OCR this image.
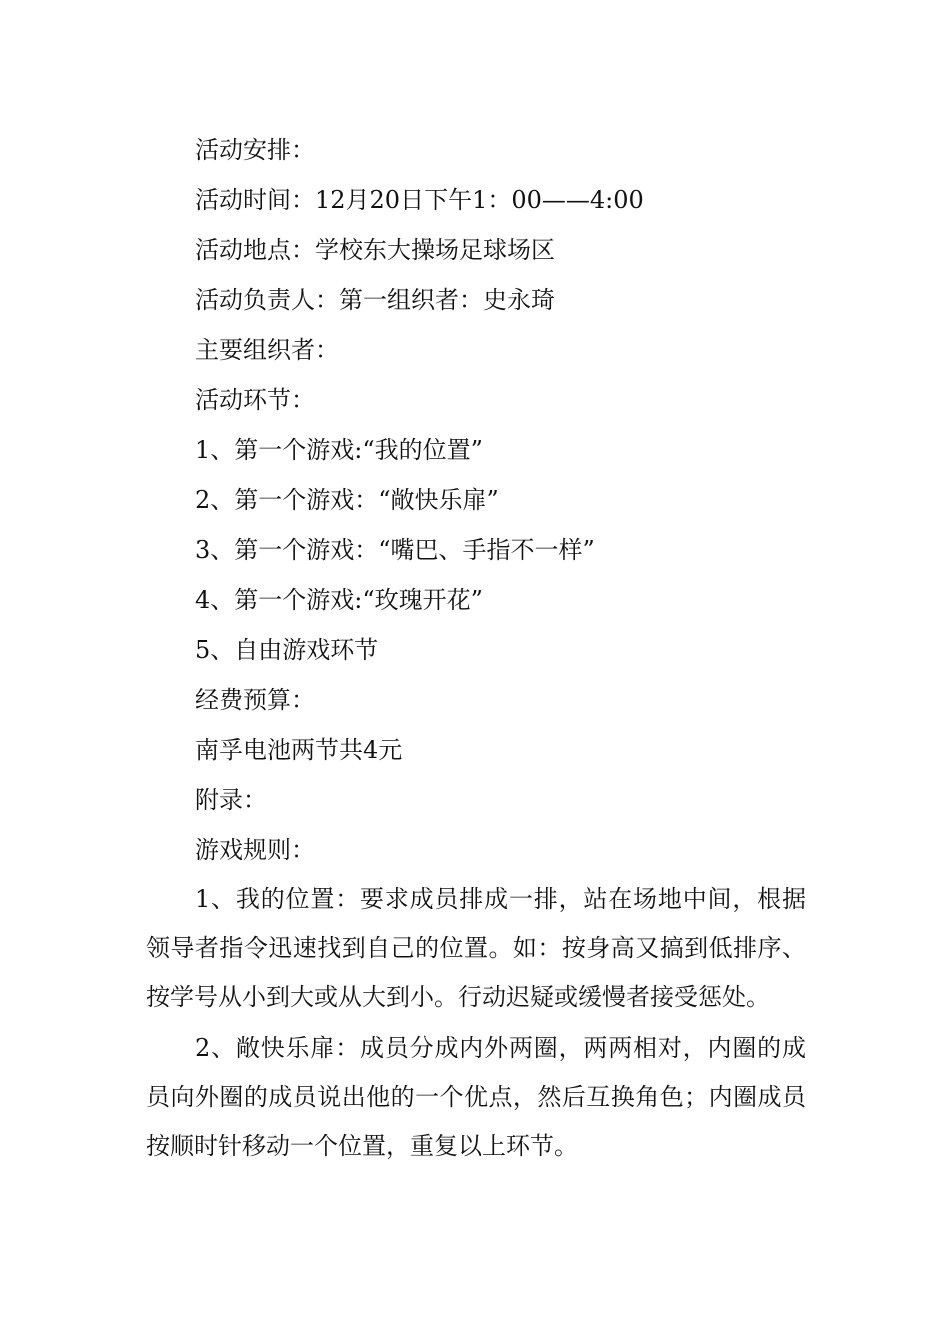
活动安排：
活动时间：12月20日下午1：00——4:00
活动地点：学校东大操场足球场区
活动负责人：第一组织者：史永琦
主要组织者：
活动环节：
1、第一个游戏:“我的位置”
2、第一个游戏：“敞快乐扉”
3、第一个游戏：“嘴巴、手指不一样”
4、第一个游戏:“玫瑰开花”
5、自由游戏环节
经费预算：
南孚电池两节共4元
附录：
游戏规则：

1、我的位置：要求成员排成一排，站在场地中间，根据领导者指令迅速找到自己的位置。如：按身高又搞到低排序、按学号从小到大或从大到小。行动迟疑或缓慢者接受惩处。

2、敞快乐扉：成员分成内外两圈，两两相对，内圈的成员向外圈的成员说出他的一个优点，然后互换角色；内圈成员按顺时针移动一个位置，重复以上环节。
